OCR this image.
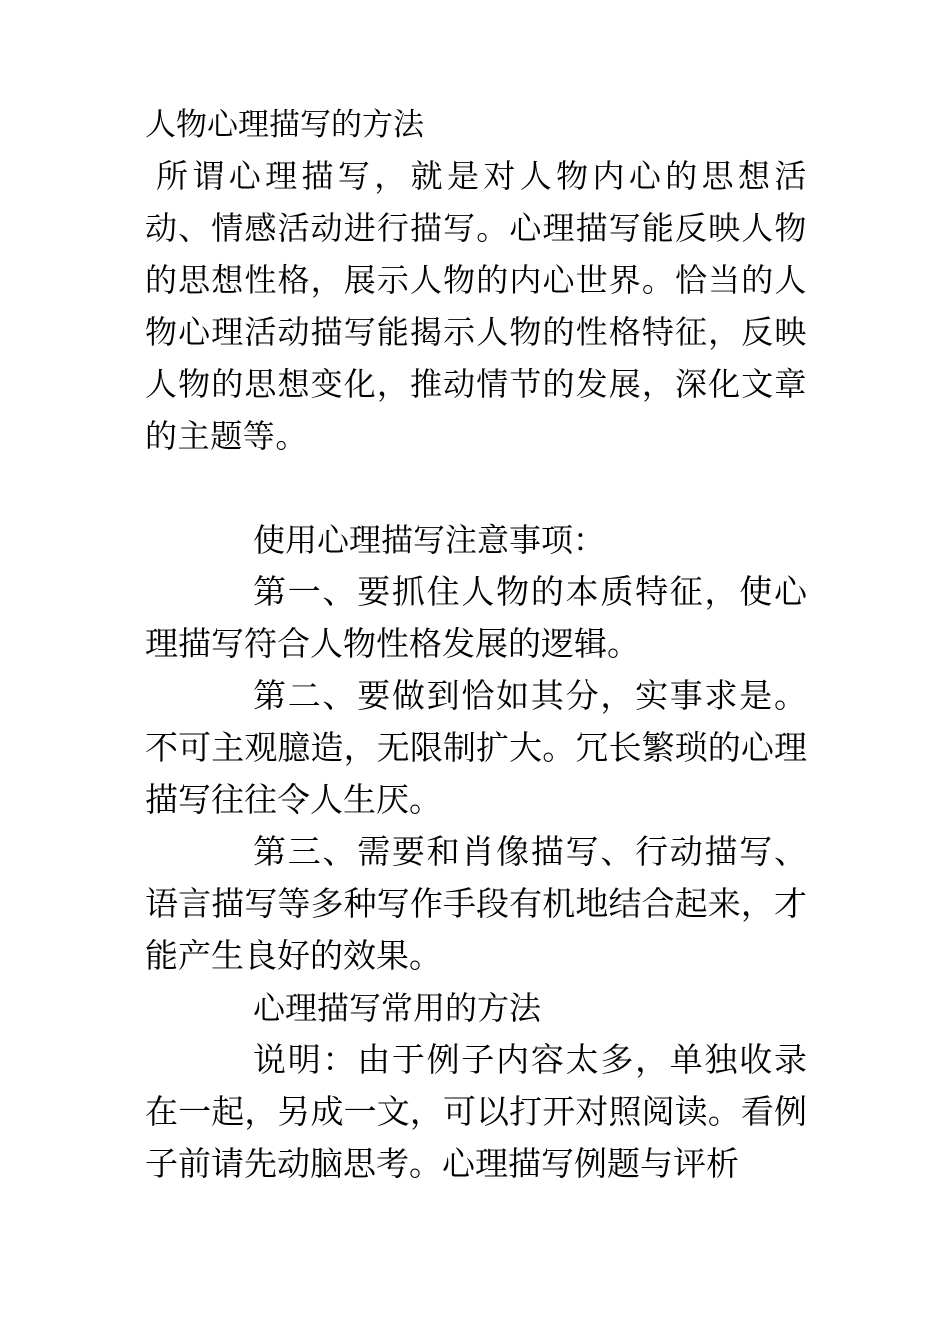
人物心理描写的方法

所谓心理描写，就是对人物内心的思想活动、情感活动进行描写。心理描写能反映人物的思想性格，展示人物的内心世界。恰当的人物心理活动描写能揭示人物的性格特征，反映人物的思想变化，推动情节的发展，深化文章的主题等。

使用心理描写注意事项：

第一、要抓住人物的本质特征，使心理描写符合人物性格发展的逻辑。

第二、要做到恰如其分，实事求是。不可主观臆造，无限制扩大。冗长繁琐的心理描写往往令人生厌。

第三、需要和肖像描写、行动描写、语言描写等多种写作手段有机地结合起来，才能产生良好的效果。

心理描写常用的方法

说明：由于例子内容太多，单独收录在一起，另成一文，可以打开对照阅读。看例子前请先动脑思考。心理描写例题与评析
